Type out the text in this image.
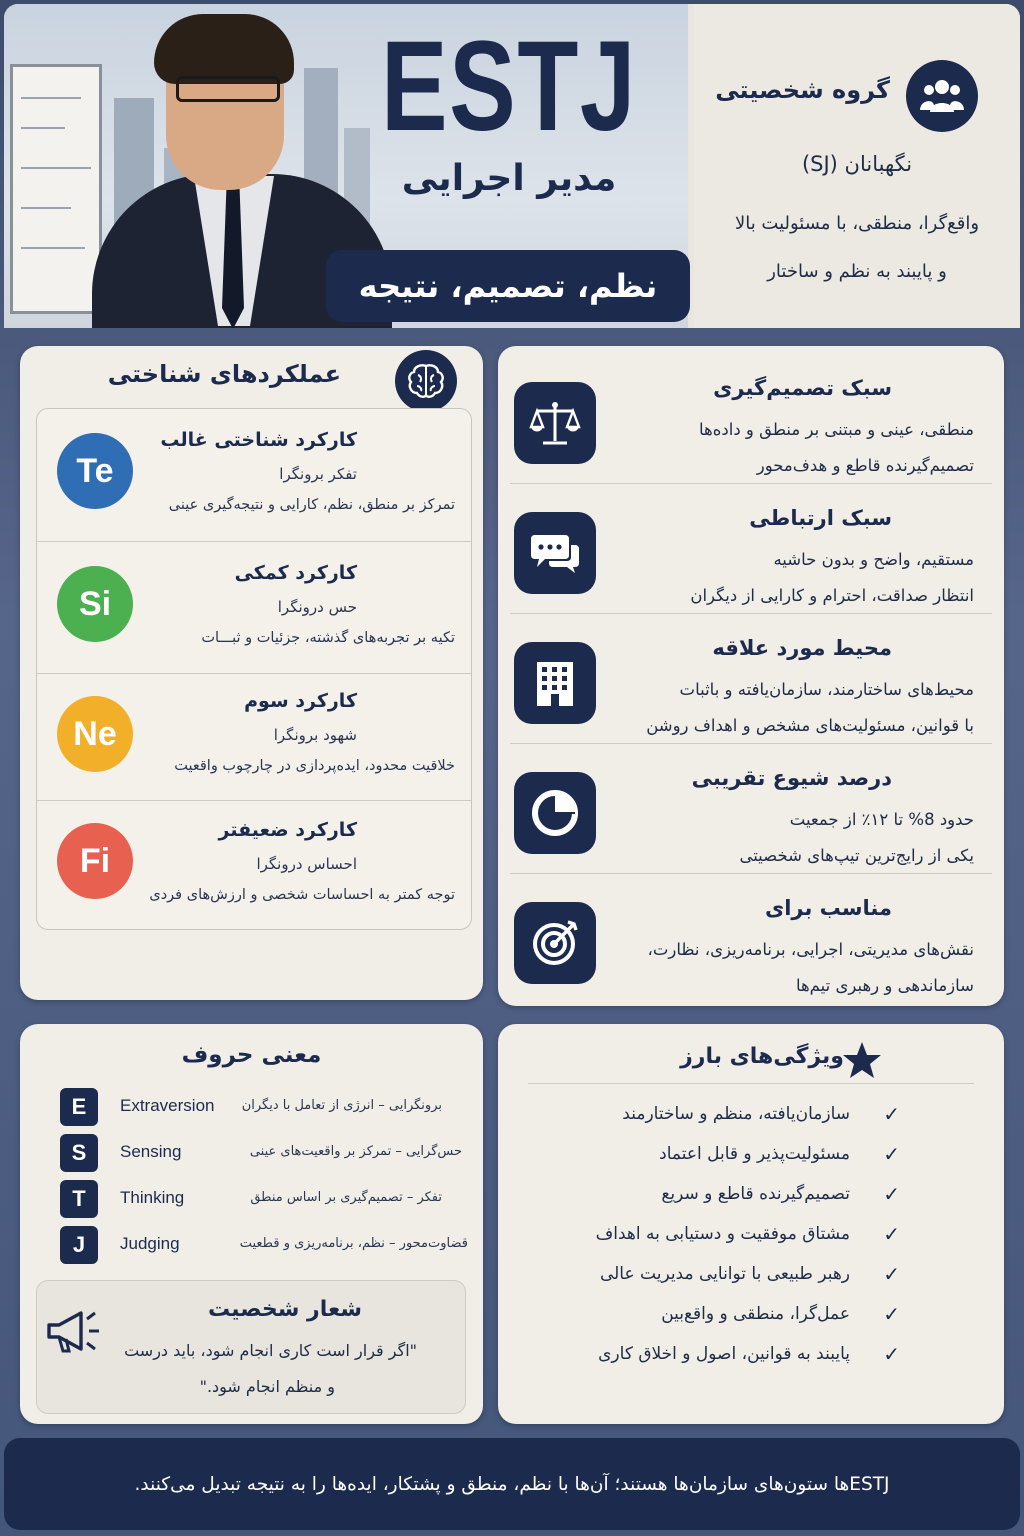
ESTJ
مدیر اجرایی
نظم، تصمیم، نتیجه
گروه شخصیتی
نگهبانان (SJ)
واقع‌گرا، منطقی، با مسئولیت بالا
و پایبند به نظم و ساختار
عملکردهای شناختی
Te
کارکرد شناختی غالب
تفکر برونگرا
تمرکز بر منطق، نظم، کارایی و نتیجه‌گیری عینی
Si
کارکرد کمکی
حس درونگرا
تکیه بر تجربه‌های گذشته، جزئیات و ثبـــات
Ne
کارکرد سوم
شهود برونگرا
خلاقیت محدود، ایده‌پردازی در چارچوب واقعیت
Fi
کارکرد ضعیفتر
احساس درونگرا
توجه کمتر به احساسات شخصی و ارزش‌های فردی
سبک تصمیم‌گیری
منطقی، عینی و مبتنی بر منطق و داده‌ها
تصمیم‌گیرنده قاطع و هدف‌محور
سبک ارتباطی
مستقیم، واضح و بدون حاشیه
انتظار صداقت، احترام و کارایی از دیگران
محیط مورد علاقه
محیط‌های ساختارمند، سازمان‌یافته و باثبات
با قوانین، مسئولیت‌های مشخص و اهداف روشن
درصد شیوع تقریبی
حدود 8% تا ۱۲٪ از جمعیت
یکی از رایج‌ترین تیپ‌های شخصیتی
مناسب برای
نقش‌های مدیریتی، اجرایی، برنامه‌ریزی، نظارت،
سازماندهی و رهبری تیم‌ها
معنی حروف
E	Extraversion برونگرایی – انرژی از تعامل با دیگران
S	Sensing	حس‌گرایی – تمرکز بر واقعیت‌های عینی
T	Thinking	تفکر – تصمیم‌گیری بر اساس منطق
J	Judging	قضاوت‌محور – نظم، برنامه‌ریزی و قطعیت
شعار شخصیت
"اگر قرار است کاری انجام شود، باید درست
و منظم انجام شود."
ویژگی‌های بارز
✓
سازمان‌یافته، منظم و ساختارمند
✓
مسئولیت‌پذیر و قابل اعتماد
✓
تصمیم‌گیرنده قاطع و سریع
✓
مشتاق موفقیت و دستیابی به اهداف
✓
رهبر طبیعی با توانایی مدیریت عالی
✓
عمل‌گرا، منطقی و واقع‌بین
✓
پایبند به قوانین، اصول و اخلاق کاری
ESTJها ستون‌های سازمان‌ها هستند؛ آن‌ها با نظم، منطق و پشتکار، ایده‌ها را به نتیجه تبدیل می‌کنند.
